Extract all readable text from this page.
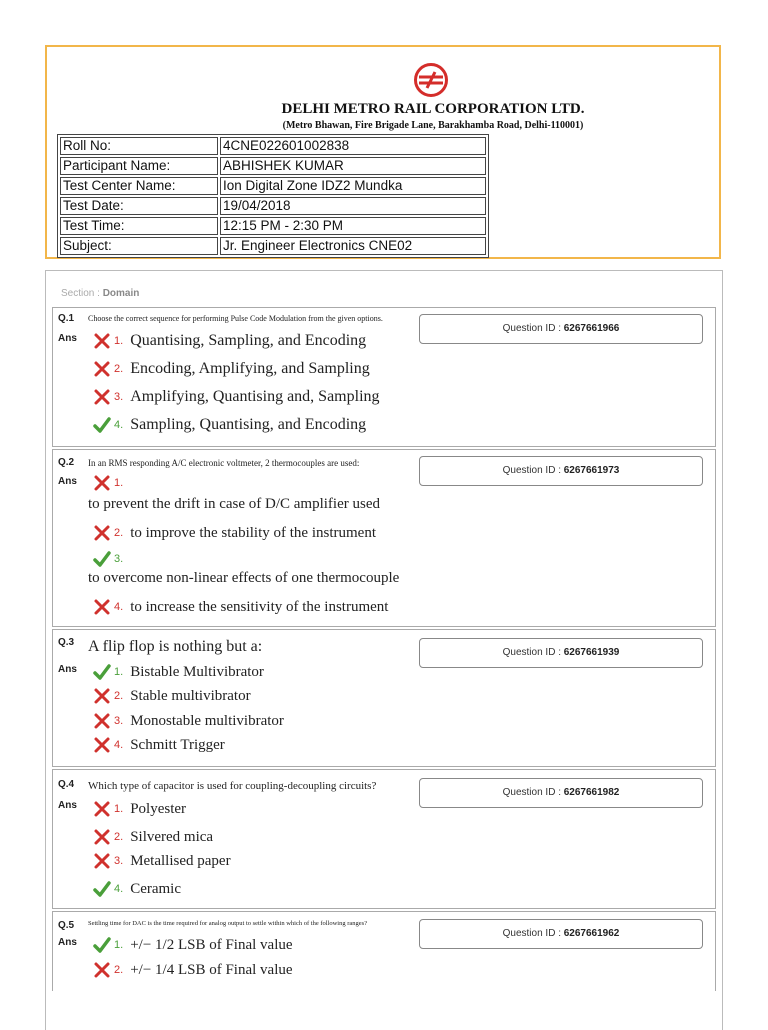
DELHI METRO RAIL CORPORATION LTD.
(Metro Bhawan, Fire Brigade Lane, Barakhamba Road, Delhi-110001)
Roll No:	4CNE022601002838
Participant Name:	ABHISHEK KUMAR
Test Center Name:	Ion Digital Zone IDZ2 Mundka
Test Date:	19/04/2018
Test Time:	12:15 PM - 2:30 PM
Subject:	Jr. Engineer Electronics CNE02
Section : Domain
Q.1 Choose the correct sequence for performing Pulse Code Modulation from the given options.
Question ID : 6267661966
Ans	1. Quantising, Sampling, and Encoding
2. Encoding, Amplifying, and Sampling
3. Amplifying, Quantising and, Sampling
4. Sampling, Quantising, and Encoding
Q.2 In an RMS responding A/C electronic voltmeter, 2 thermocouples are used:
Question ID : 6267661973
Ans	1.
to prevent the drift in case of D/C amplifier used
2. to improve the stability of the instrument
3.
to overcome non-linear effects of one thermocouple
4. to increase the sensitivity of the instrument
Q.3 A flip flop is nothing but a:	Question ID : 6267661939
Ans	1. Bistable Multivibrator
2. Stable multivibrator
3. Monostable multivibrator
4. Schmitt Trigger
Q.4 Which type of capacitor is used for coupling-decoupling circuits?
Question ID : 6267661982
Ans	1. Polyester
2. Silvered mica
3. Metallised paper
4. Ceramic
Q.5 Settling time for DAC is the time required for analog output to settle within which of the following ranges?
Question ID : 6267661962
Ans	1. +/− 1/2 LSB of Final value
2. +/− 1/4 LSB of Final value
